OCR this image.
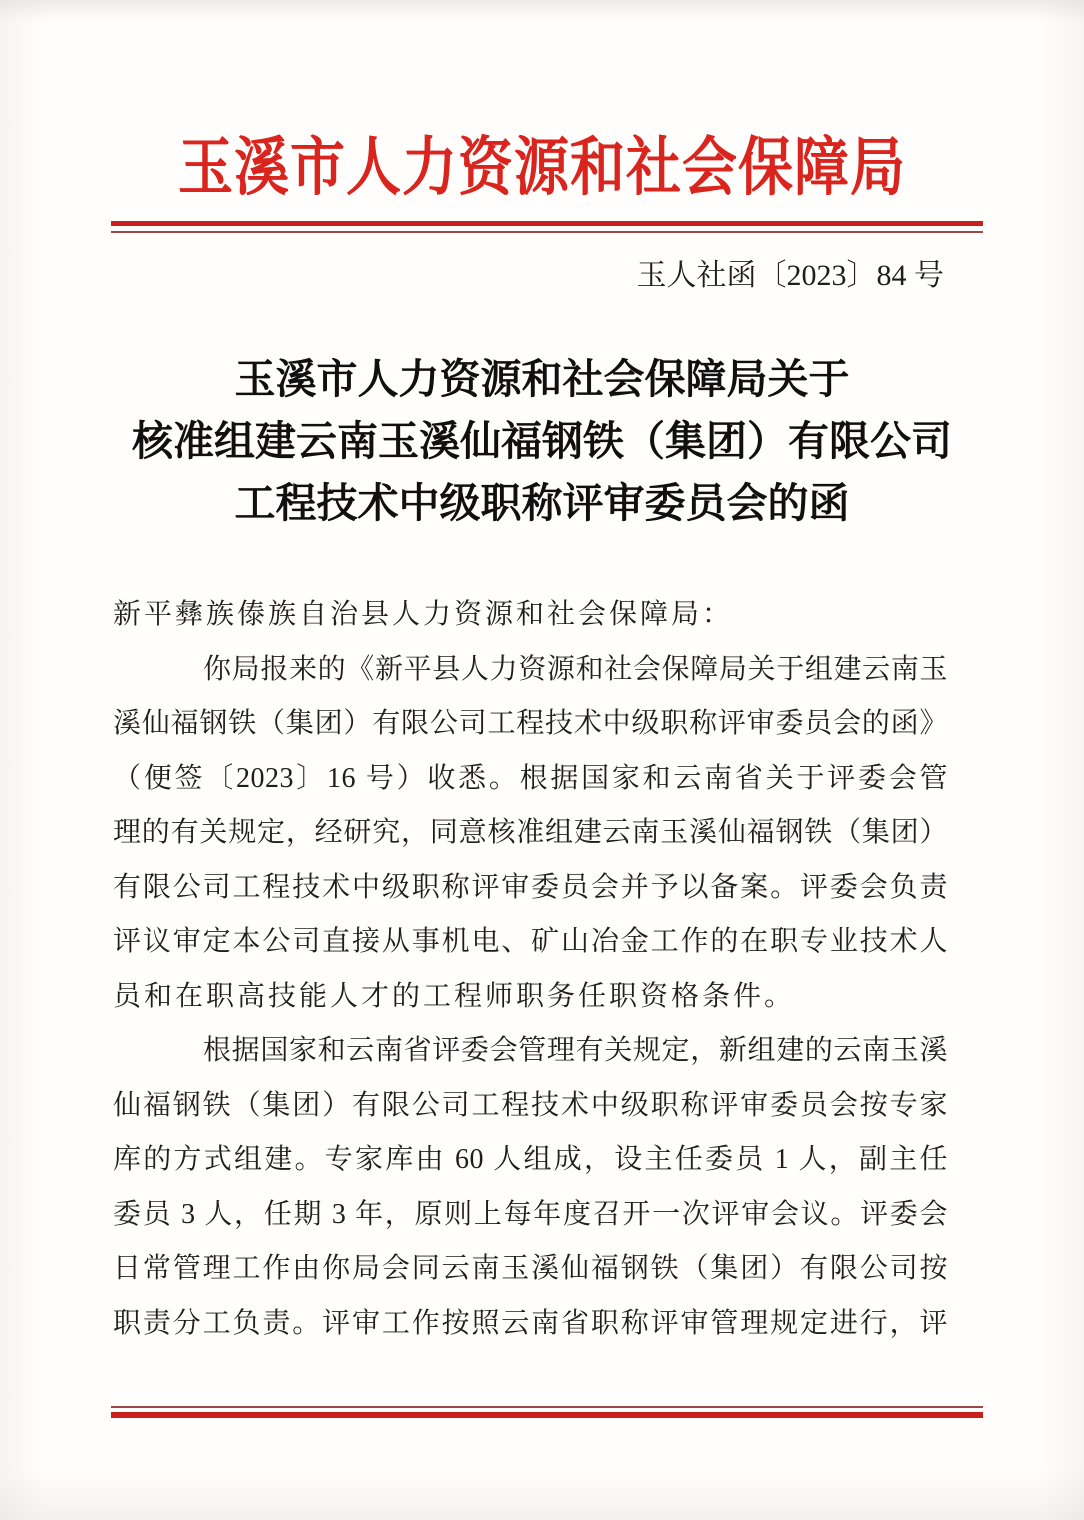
玉溪市人力资源和社会保障局
玉人社函〔2023〕84 号
玉溪市人力资源和社会保障局关于
核准组建云南玉溪仙福钢铁（集团）有限公司
工程技术中级职称评审委员会的函
新平彝族傣族自治县人力资源和社会保障局：
你局报来的《新平县人力资源和社会保障局关于组建云南玉
溪仙福钢铁（集团）有限公司工程技术中级职称评审委员会的函》
（便签〔2023〕16 号）收悉。根据国家和云南省关于评委会管
理的有关规定，经研究，同意核准组建云南玉溪仙福钢铁（集团）
有限公司工程技术中级职称评审委员会并予以备案。评委会负责
评议审定本公司直接从事机电、矿山冶金工作的在职专业技术人
员和在职高技能人才的工程师职务任职资格条件。
根据国家和云南省评委会管理有关规定，新组建的云南玉溪
仙福钢铁（集团）有限公司工程技术中级职称评审委员会按专家
库的方式组建。专家库由 60 人组成，设主任委员 1 人，副主任
委员 3 人，任期 3 年，原则上每年度召开一次评审会议。评委会
日常管理工作由你局会同云南玉溪仙福钢铁（集团）有限公司按
职责分工负责。评审工作按照云南省职称评审管理规定进行，评
